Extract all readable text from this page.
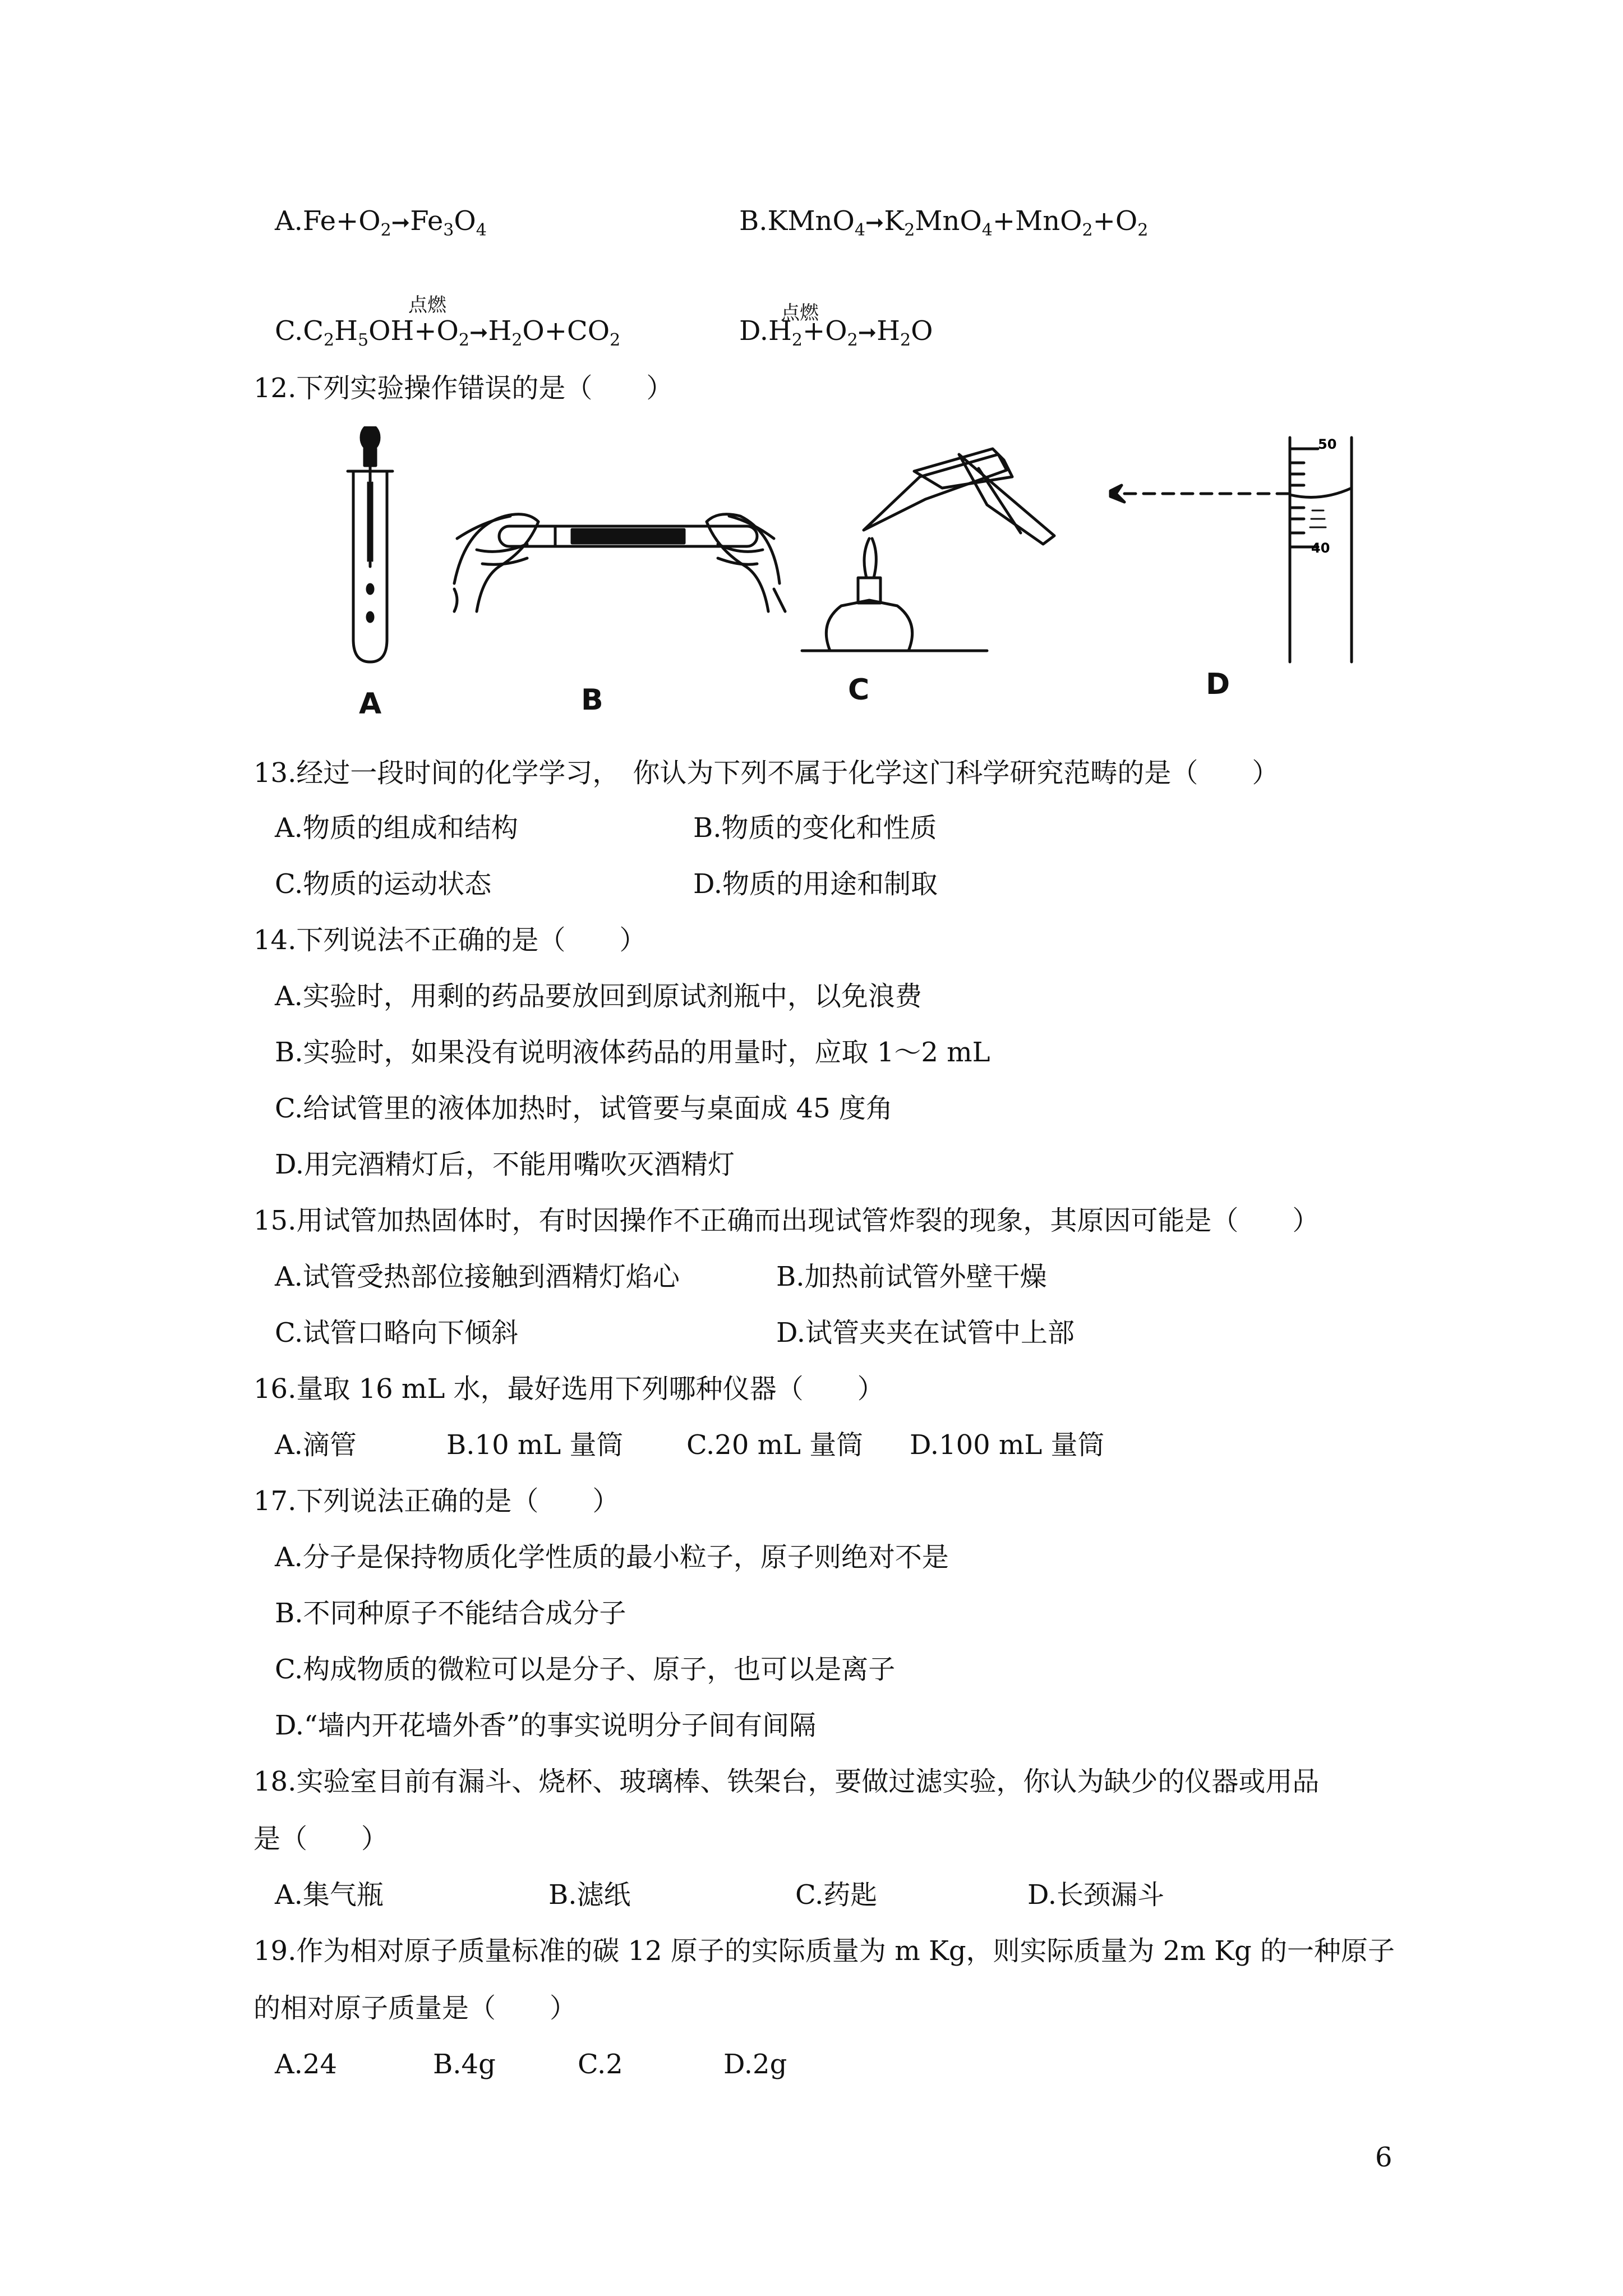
$A.Fe+O_2➞Fe_3O_4$	$B.KMnO_4➞K_2MnO_4+MnO_2+O_2$
点燃
$C.C_2H_5OH+O_2➞H_2O+CO_2$
点燃
$D.H_2+O_2➞H_2O$
12.下列实验操作错误的是（　　）
50
40
A	B	C	D
13.经过一段时间的化学学习，　你认为下列不属于化学这门科学研究范畴的是（　　）
A.物质的组成和结构	B.物质的变化和性质
C.物质的运动状态	D.物质的用途和制取
14.下列说法不正确的是（　　）
A.实验时，用剩的药品要放回到原试剂瓶中，以免浪费
B.实验时，如果没有说明液体药品的用量时，应取 1～2 mL
C.给试管里的液体加热时，试管要与桌面成 45 度角
D.用完酒精灯后，不能用嘴吹灭酒精灯
15.用试管加热固体时，有时因操作不正确而出现试管炸裂的现象，其原因可能是（　　）
A.试管受热部位接触到酒精灯焰心	B.加热前试管外壁干燥
C.试管口略向下倾斜	D.试管夹夹在试管中上部
16.量取 16 mL 水，最好选用下列哪种仪器（　　）
A.滴管	B.10 mL 量筒 C.20 mL 量筒 D.100 mL 量筒
17.下列说法正确的是（　　）
A.分子是保持物质化学性质的最小粒子，原子则绝对不是
B.不同种原子不能结合成分子
C.构成物质的微粒可以是分子、原子，也可以是离子
D.“墙内开花墙外香”的事实说明分子间有间隔
18.实验室目前有漏斗、烧杯、玻璃棒、铁架台，要做过滤实验，你认为缺少的仪器或用品
是（　　）
A.集气瓶	B.滤纸	C.药匙	D.长颈漏斗
19.作为相对原子质量标准的碳 12 原子的实际质量为 m Kg，则实际质量为 2m Kg 的一种原子
的相对原子质量是（　　）
A.24	B.4g	C.2	D.2g
6
